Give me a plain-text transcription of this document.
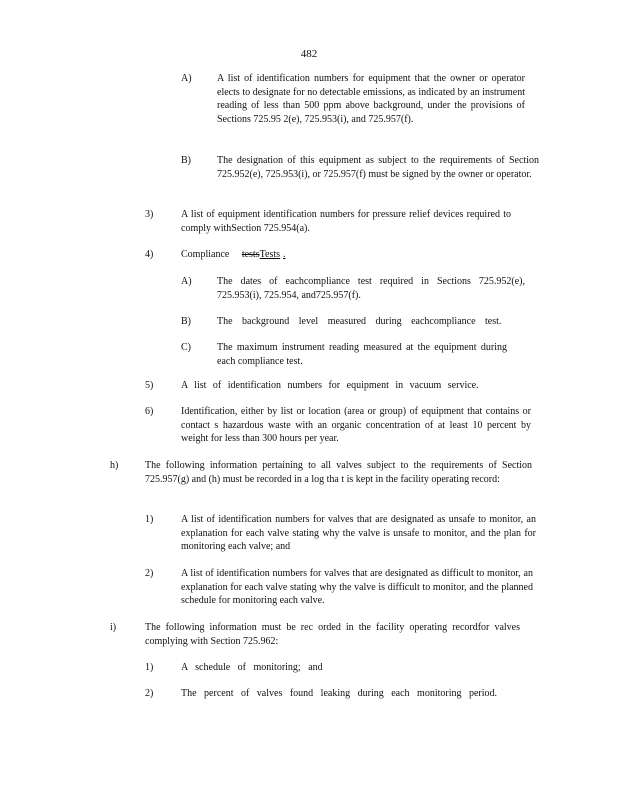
482
A)	A list of identification numbers for equipment that the owner or operator elects to designate for no detectable emissions, as indicated by an instrument reading of less than 500 ppm above background, under the provisions of Sections 725.95 2(e), 725.953(i), and 725.957(f).
B)	The designation of this equipment as subject to the requirements of Section 725.952(e), 725.953(i), or 725.957(f) must be signed by the owner or operator.
3)	A list of equipment identification numbers for pressure relief devices required to comply withSection 725.954(a).
4)	Compliance testsTests .
A)	The dates of eachcompliance test required in Sections 725.952(e), 725.953(i), 725.954, and725.957(f).
B)	The background level measured during eachcompliance test.
C)	The maximum instrument reading measured at the equipment during each compliance test.
5)	A list of identification numbers for equipment in vacuum service.
6)	Identification, either by list or location (area or group) of equipment that contains or contact s hazardous waste with an organic concentration of at least 10 percent by weight for less than 300 hours per year.
h)	The following information pertaining to all valves subject to the requirements of Section 725.957(g) and (h) must be recorded in a log tha t is kept in the facility operating record:
1)	A list of identification numbers for valves that are designated as unsafe to monitor, an explanation for each valve stating why the valve is unsafe to monitor, and the plan for monitoring each valve; and
2)	A list of identification numbers for valves that are designated as difficult to monitor, an explanation for each valve stating why the valve is difficult to monitor, and the planned schedule for monitoring each valve.
i)	The following information must be rec orded in the facility operating recordfor valves complying with Section 725.962:
1)	A schedule of monitoring; and
2)	The percent of valves found leaking during each monitoring period.
